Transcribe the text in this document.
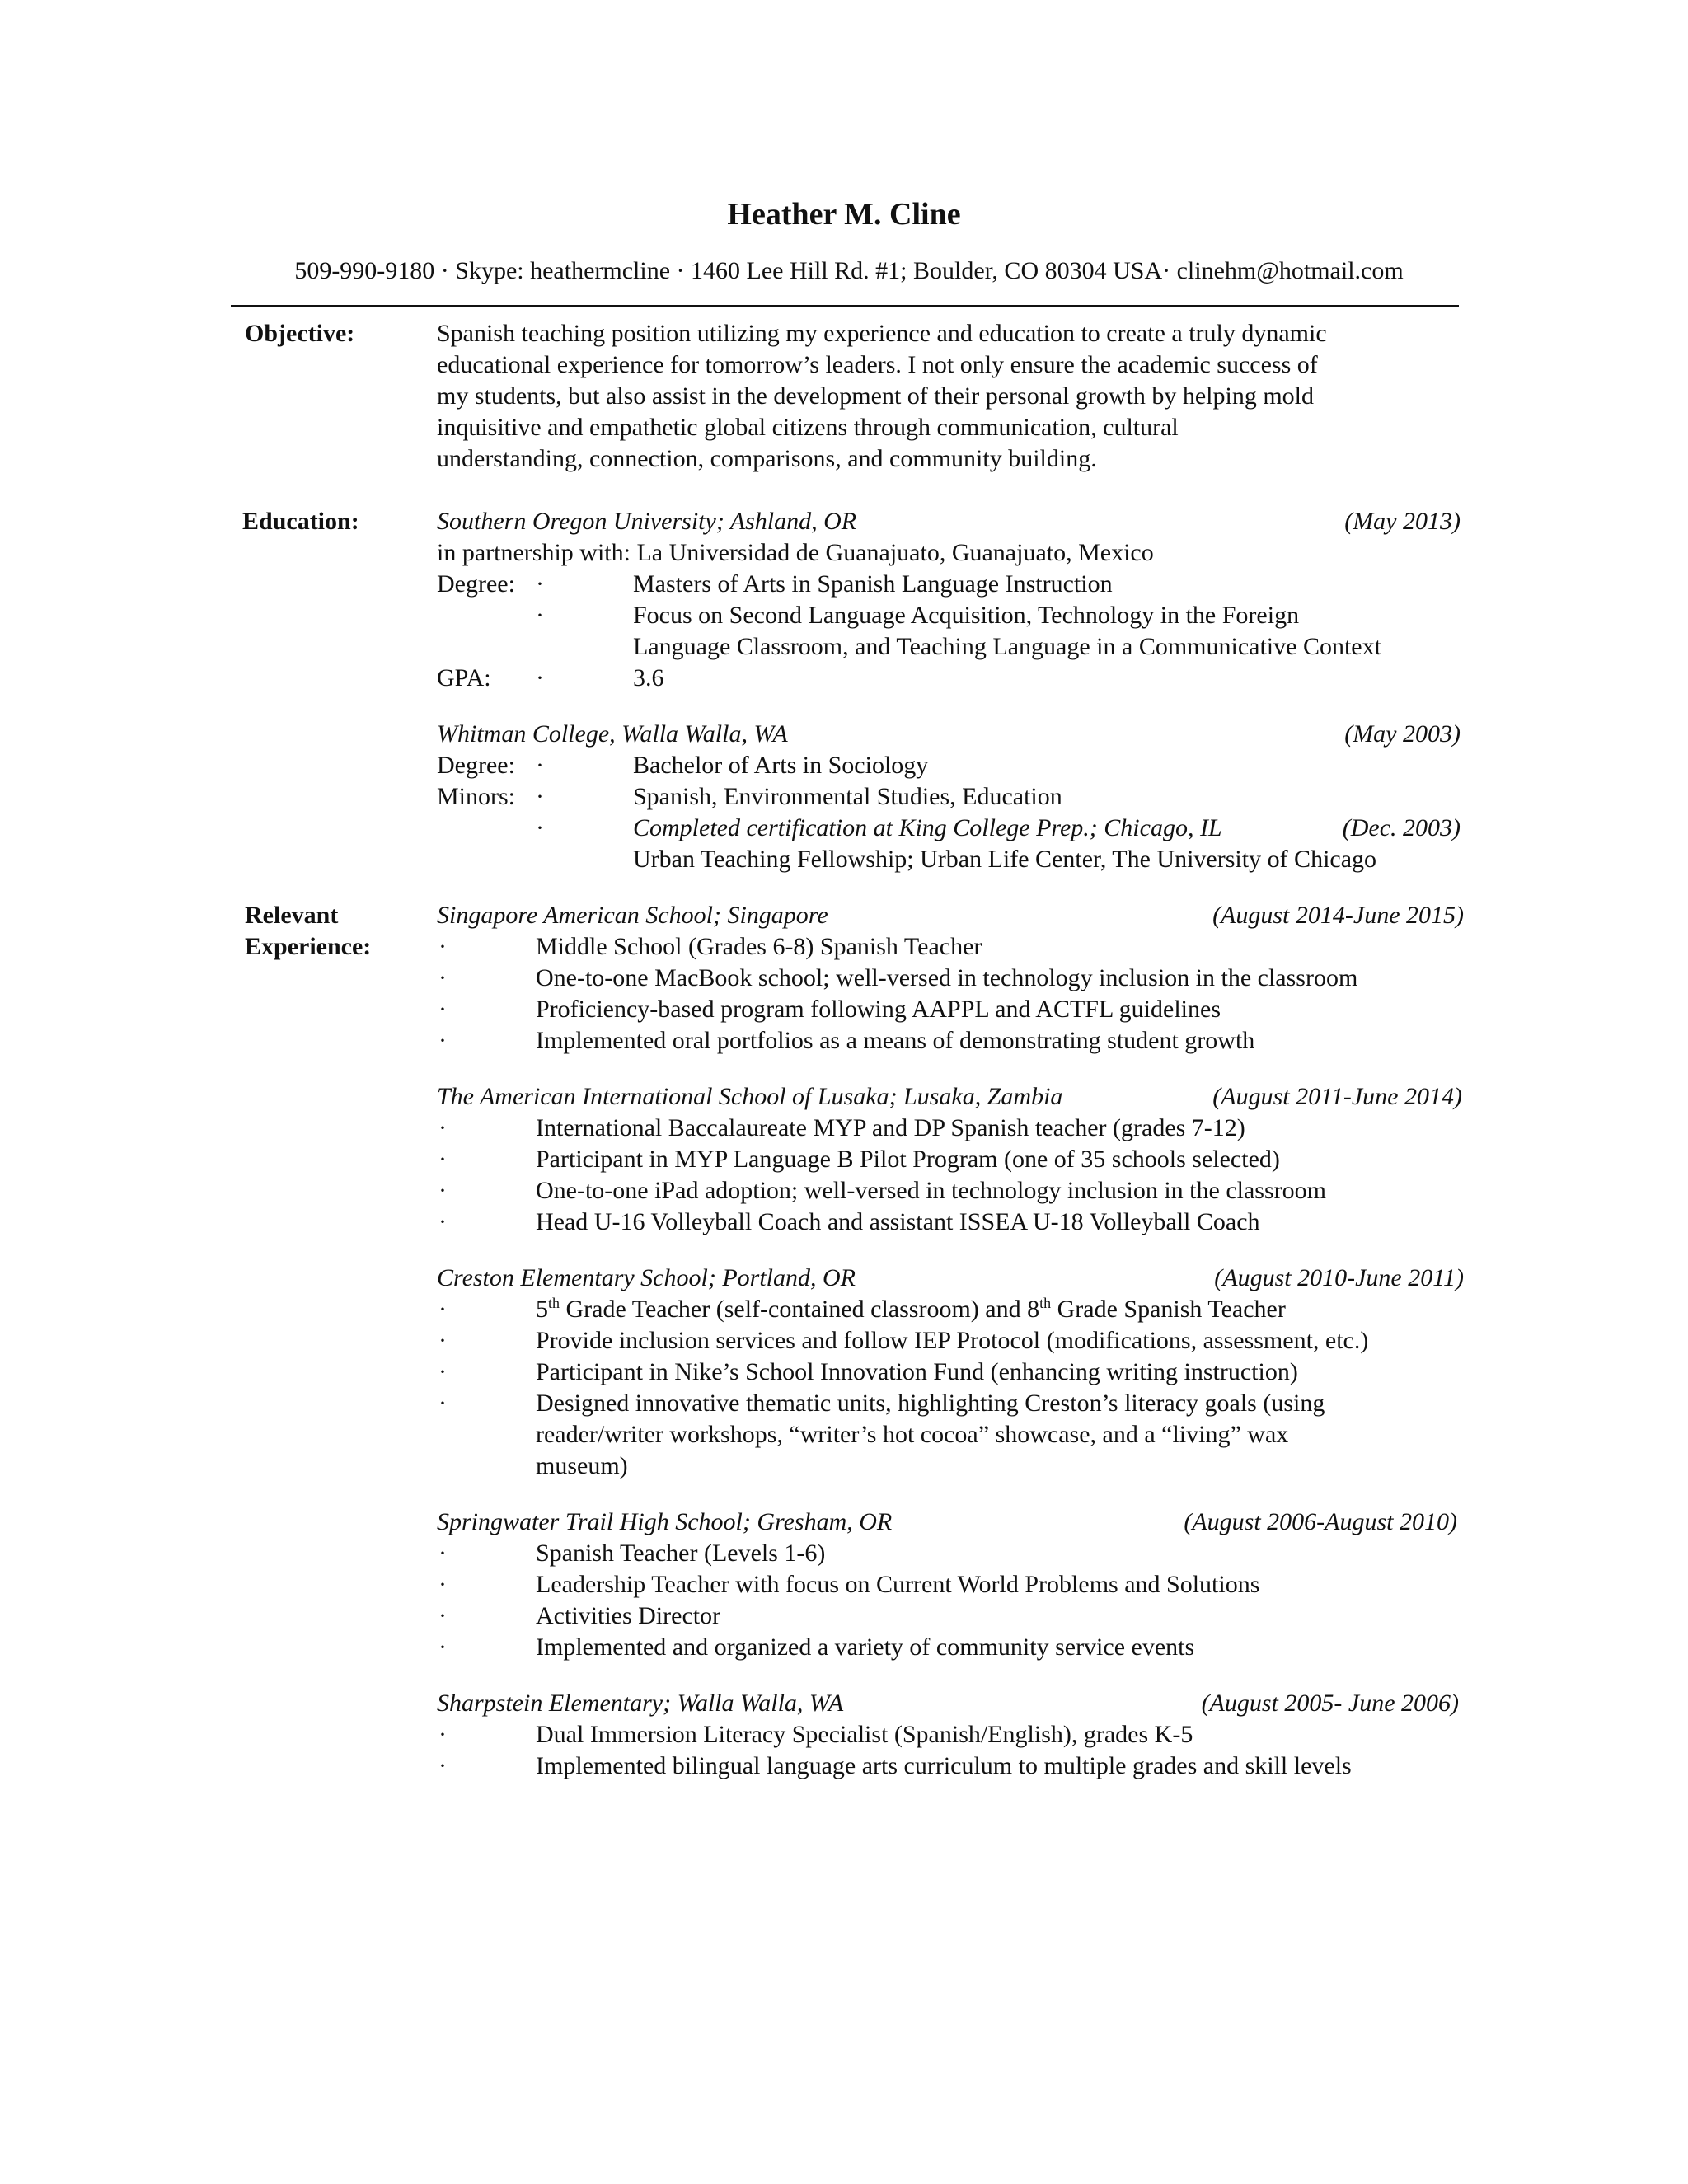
Heather M. Cline
509-990-9180 · Skype: heathermcline · 1460 Lee Hill Rd. #1; Boulder, CO 80304 USA· clinehm@hotmail.com
Objective:	Spanish teaching position utilizing my experience and education to create a truly dynamic
educational experience for tomorrow’s leaders. I not only ensure the academic success of
my students, but also assist in the development of their personal growth by helping mold
inquisitive and empathetic global citizens through communication, cultural
understanding, connection, comparisons, and community building.
Education:	Southern Oregon University; Ashland, OR	(May 2013)
in partnership with: La Universidad de Guanajuato, Guanajuato, Mexico
Degree: ·	Masters of Arts in Spanish Language Instruction
·	Focus on Second Language Acquisition, Technology in the Foreign
Language Classroom, and Teaching Language in a Communicative Context
GPA: ·	3.6
Whitman College, Walla Walla, WA	(May 2003)
Degree: ·	Bachelor of Arts in Sociology
Minors: ·	Spanish, Environmental Studies, Education
·	Completed certification at King College Prep.; Chicago, IL	(Dec. 2003)
Urban Teaching Fellowship; Urban Life Center, The University of Chicago
Relevant
Experience:
Singapore American School; Singapore	(August 2014-June 2015)
·	Middle School (Grades 6-8) Spanish Teacher
·	One-to-one MacBook school; well-versed in technology inclusion in the classroom
·	Proficiency-based program following AAPPL and ACTFL guidelines
·	Implemented oral portfolios as a means of demonstrating student growth
The American International School of Lusaka; Lusaka, Zambia	(August 2011-June 2014)
·	International Baccalaureate MYP and DP Spanish teacher (grades 7-12)
·	Participant in MYP Language B Pilot Program (one of 35 schools selected)
·	One-to-one iPad adoption; well-versed in technology inclusion in the classroom
·	Head U-16 Volleyball Coach and assistant ISSEA U-18 Volleyball Coach
Creston Elementary School; Portland, OR	(August 2010-June 2011)
·	5th Grade Teacher (self-contained classroom) and 8th Grade Spanish Teacher
·	Provide inclusion services and follow IEP Protocol (modifications, assessment, etc.)
·	Participant in Nike’s School Innovation Fund (enhancing writing instruction)
·	Designed innovative thematic units, highlighting Creston’s literacy goals (using
reader/writer workshops, “writer’s hot cocoa” showcase, and a “living” wax
museum)
Springwater Trail High School; Gresham, OR	(August 2006-August 2010)
·	Spanish Teacher (Levels 1-6)
·	Leadership Teacher with focus on Current World Problems and Solutions
·	Activities Director
·	Implemented and organized a variety of community service events
Sharpstein Elementary; Walla Walla, WA	(August 2005- June 2006)
·	Dual Immersion Literacy Specialist (Spanish/English), grades K-5
·	Implemented bilingual language arts curriculum to multiple grades and skill levels
